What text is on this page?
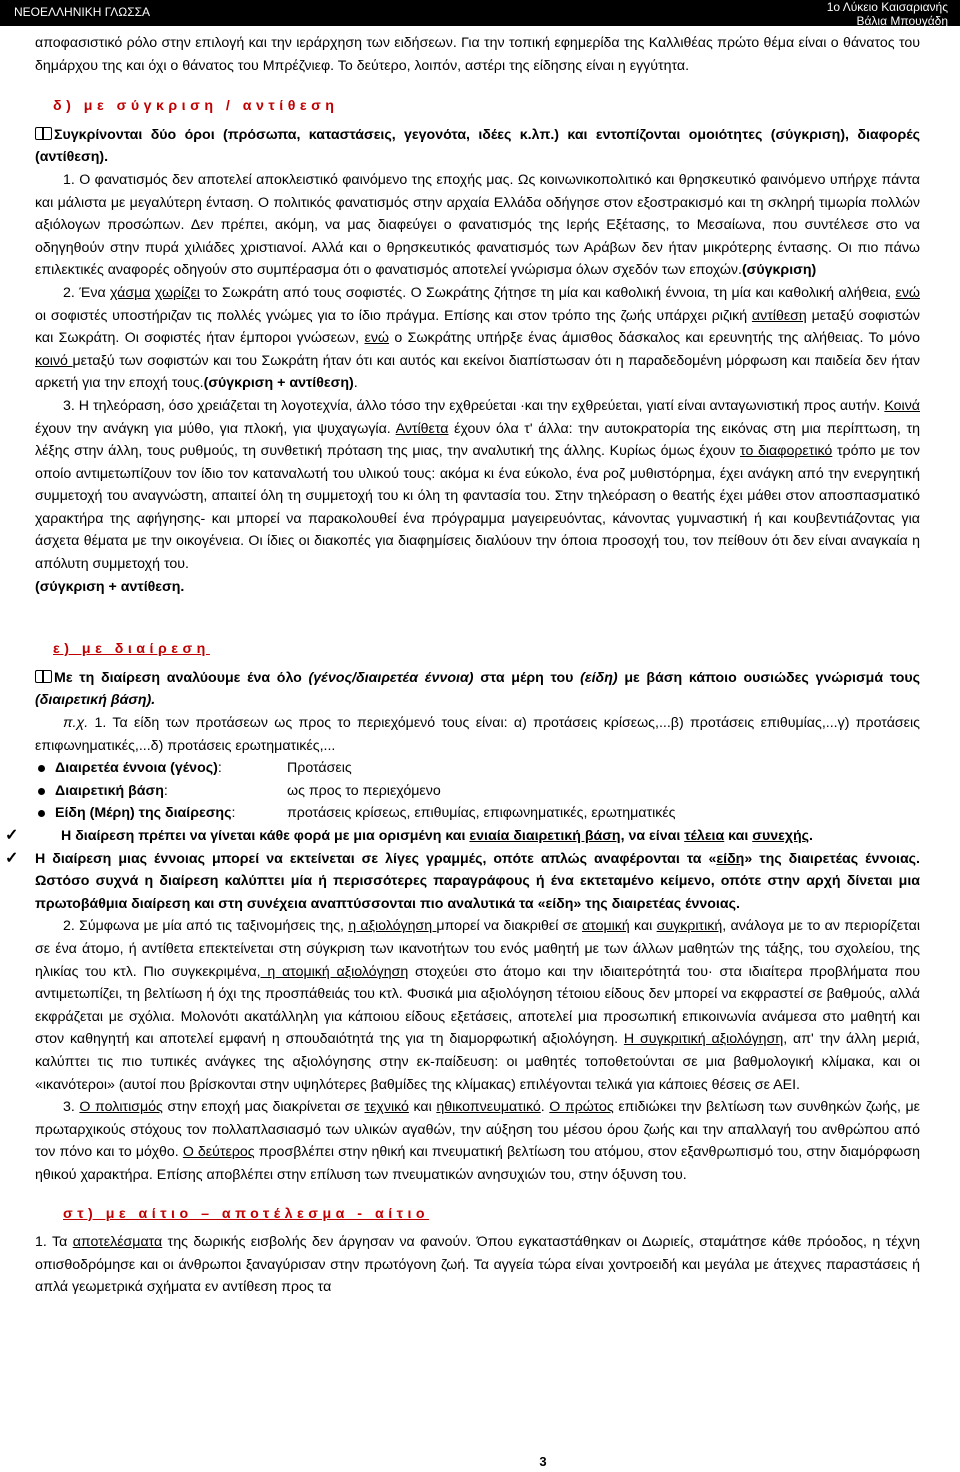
ΝΕΟΕΛΛΗΝΙΚΗ ΓΛΩΣΣΑ	1ο Λύκειο Καισαριανής
Βάλια Μπουγάδη

αποφασιστικό ρόλο στην επιλογή και την ιεράρχηση των ειδήσεων. Για την τοπική εφημερίδα της Καλλιθέας πρώτο θέμα είναι ο θάνατος του δημάρχου της και όχι ο θάνατος του Μπρέζνιεφ. Το δεύτερο, λοιπόν, αστέρι της είδησης είναι η εγγύτητα.

δ) με σύγκριση / αντίθεση

Συγκρίνονται δύο όροι (πρόσωπα, καταστάσεις, γεγονότα, ιδέες κ.λπ.) και εντοπίζονται ομοιότητες (σύγκριση), διαφορές (αντίθεση).

1. Ο φανατισμός δεν αποτελεί αποκλειστικό φαινόμενο της εποχής μας. Ως κοινωνικοπολιτικό και θρησκευτικό φαινόμενο υπήρχε πάντα και μάλιστα με μεγαλύτερη ένταση. Ο πολιτικός φανατισμός στην αρχαία Ελλάδα οδήγησε στον εξοστρακισμό και τη σκληρή τιμωρία πολλών αξιόλογων προσώπων. Δεν πρέπει, ακόμη, να μας διαφεύγει ο φανατισμός της Ιερής Εξέτασης, το Μεσαίωνα, που συντέλεσε στο να οδηγηθούν στην πυρά χιλιάδες χριστιανοί. Αλλά και ο θρησκευτικός φανατισμός των Αράβων δεν ήταν μικρότερης έντασης. Οι πιο πάνω επιλεκτικές αναφορές οδηγούν στο συμπέρασμα ότι ο φανατισμός αποτελεί γνώρισμα όλων σχεδόν των εποχών.(σύγκριση)

2. Ένα χάσμα χωρίζει το Σωκράτη από τους σοφιστές. Ο Σωκράτης ζήτησε τη μία και καθολική έννοια, τη μία και καθολική αλήθεια, ενώ οι σοφιστές υποστήριζαν τις πολλές γνώμες για το ίδιο πράγμα. Επίσης και στον τρόπο της ζωής υπάρχει ριζική αντίθεση μεταξύ σοφιστών και Σωκράτη. Οι σοφιστές ήταν έμποροι γνώσεων, ενώ ο Σωκράτης υπήρξε ένας άμισθος δάσκαλος και ερευνητής της αλήθειας. Το μόνο κοινό μεταξύ των σοφιστών και του Σωκράτη ήταν ότι και αυτός και εκείνοι διαπίστωσαν ότι η παραδεδομένη μόρφωση και παιδεία δεν ήταν αρκετή για την εποχή τους.(σύγκριση + αντίθεση).

3. Η τηλεόραση, όσο χρειάζεται τη λογοτεχνία, άλλο τόσο την εχθρεύεται ·και την εχθρεύεται, γιατί είναι ανταγωνιστική προς αυτήν. Κοινά έχουν την ανάγκη για μύθο, για πλοκή, για ψυχαγωγία. Αντίθετα έχουν όλα τ' άλλα: την αυτοκρατορία της εικόνας στη μια περίπτωση, τη λέξης στην άλλη, τους ρυθμούς, τη συνθετική πρόταση της μιας, την αναλυτική της άλλης. Κυρίως όμως έχουν το διαφορετικό τρόπο με τον οποίο αντιμετωπίζουν τον ίδιο τον καταναλωτή του υλικού τους: ακόμα κι ένα εύκολο, ένα ρoζ μυθιστόρημα, έχει ανάγκη από την ενεργητική συμμετοχή του αναγνώστη, απαιτεί όλη τη συμμετοχή του κι όλη τη φαντασία του. Στην τηλεόραση ο θεατής έχει μάθει στον αποσπασματικό χαρακτήρα της αφήγησης- και μπορεί να παρακολουθεί ένα πρόγραμμα μαγειρευόντας, κάνοντας γυμναστική ή και κουβεντιάζοντας για άσχετα θέματα με την οικογένεια. Οι ίδιες οι διακοπές για διαφημίσεις διαλύουν την όποια προσοχή του, τον πείθουν ότι δεν είναι αναγκαία η απόλυτη συμμετοχή του.
(σύγκριση + αντίθεση.

ε) με διαίρεση

Με τη διαίρεση αναλύουμε ένα όλο (γένος/διαιρετέα έννοια) στα μέρη του (είδη) με βάση κάποιο ουσιώδες γνώρισμά τους (διαιρετική βάση).

π.χ. 1. Τα είδη των προτάσεων ως προς το περιεχόμενό τους είναι: α) προτάσεις κρίσεως,...β) προτάσεις επιθυμίας,...γ) προτάσεις επιφωνηματικές,...δ) προτάσεις ερωτηματικές,...

Διαιρετέα έννοια (γένος):	Προτάσεις
Διαιρετική βάση:	ως προς το περιεχόμενο
Είδη (Μέρη) της διαίρεσης:	προτάσεις κρίσεως, επιθυμίας, επιφωνηματικές, ερωτηματικές

✓	Η διαίρεση πρέπει να γίνεται κάθε φορά με μια ορισμένη και ενιαία διαιρετική βάση, να είναι τέλεια και συνεχής.

✓ Η διαίρεση μιας έννοιας μπορεί να εκτείνεται σε λίγες γραμμές, οπότε απλώς αναφέρονται τα «είδη» της διαιρετέας έννοιας. Ωστόσο συχνά η διαίρεση καλύπτει μία ή περισσότερες παραγράφους ή ένα εκτεταμένο κείμενο, οπότε στην αρχή δίνεται μια πρωτοβάθμια διαίρεση και στη συνέχεια αναπτύσσονται πιο αναλυτικά τα «είδη» της διαιρετέας έννοιας.

2. Σύμφωνα με μία από τις ταξινομήσεις της, η αξιολόγηση μπορεί να διακριθεί σε ατομική και συγκριτική, ανάλογα με το αν περιορίζεται σε ένα άτομο, ή αντίθετα επεκτείνεται στη σύγκριση των ικανοτήτων του ενός μαθητή με των άλλων μαθητών της τάξης, του σχολείου, της ηλικίας του κτλ. Πιο συγκεκριμένα, η ατομική αξιολόγηση στοχεύει στο άτομο και την ιδιαιτερότητά του· στα ιδιαίτερα προβλήματα που αντιμετωπίζει, τη βελτίωση ή όχι της προσπάθειάς του κτλ. Φυσικά μια αξιολόγηση τέτοιου είδους δεν μπορεί να εκφραστεί σε βαθμούς, αλλά εκφράζεται με σχόλια. Μολονότι ακατάλληλη για κάποιου είδους εξετάσεις, αποτελεί μια προσωπική επικοινωνία ανάμεσα στο μαθητή και στον καθηγητή και αποτελεί εμφανή η σπουδαιότητά της για τη διαμορφωτική αξιολόγηση. Η συγκριτική αξιολόγηση, απ' την άλλη μεριά, καλύπτει τις πιο τυπικές ανάγκες της αξιολόγησης στην εκ-παίδευση: οι μαθητές τοποθετούνται σε μια βαθμολογική κλίμακα, και οι «ικανότεροι» (αυτοί που βρίσκονται στην υψηλότερες βαθμίδες της κλίμακας) επιλέγονται τελικά για κάποιες θέσεις σε ΑΕΙ.

3. Ο πολιτισμός στην εποχή μας διακρίνεται σε τεχνικό και ηθικοπνευματικό. Ο πρώτος επιδιώκει την βελτίωση των συνθηκών ζωής, με πρωταρχικούς στόχους τον πολλαπλασιασμό των υλικών αγαθών, την αύξηση του μέσου όρου ζωής και την απαλλαγή του ανθρώπου από τον πόνο και το μόχθο. Ο δεύτερος προσβλέπει στην ηθική και πνευματική βελτίωση του ατόμου, στον εξανθρωπισμό του, στην διαμόρφωση ηθικού χαρακτήρα. Επίσης αποβλέπει στην επίλυση των πνευματικών ανησυχιών του, στην όξυνση του.

στ) με αίτιο – αποτέλεσμα - αίτιο

1. Τα αποτελέσματα της δωρικής εισβολής δεν άργησαν να φανούν. Όπου εγκαταστάθηκαν οι Δωριείς, σταμάτησε κάθε πρόοδος, η τέχνη οπισθοδρόμησε και οι άνθρωποι ξαναγύρισαν στην πρωτόγονη ζωή. Τα αγγεία τώρα είναι χοντροειδή και μεγάλα με άτεχνες παραστάσεις ή απλά γεωμετρικά σχήματα εν αντίθεση προς τα

3
